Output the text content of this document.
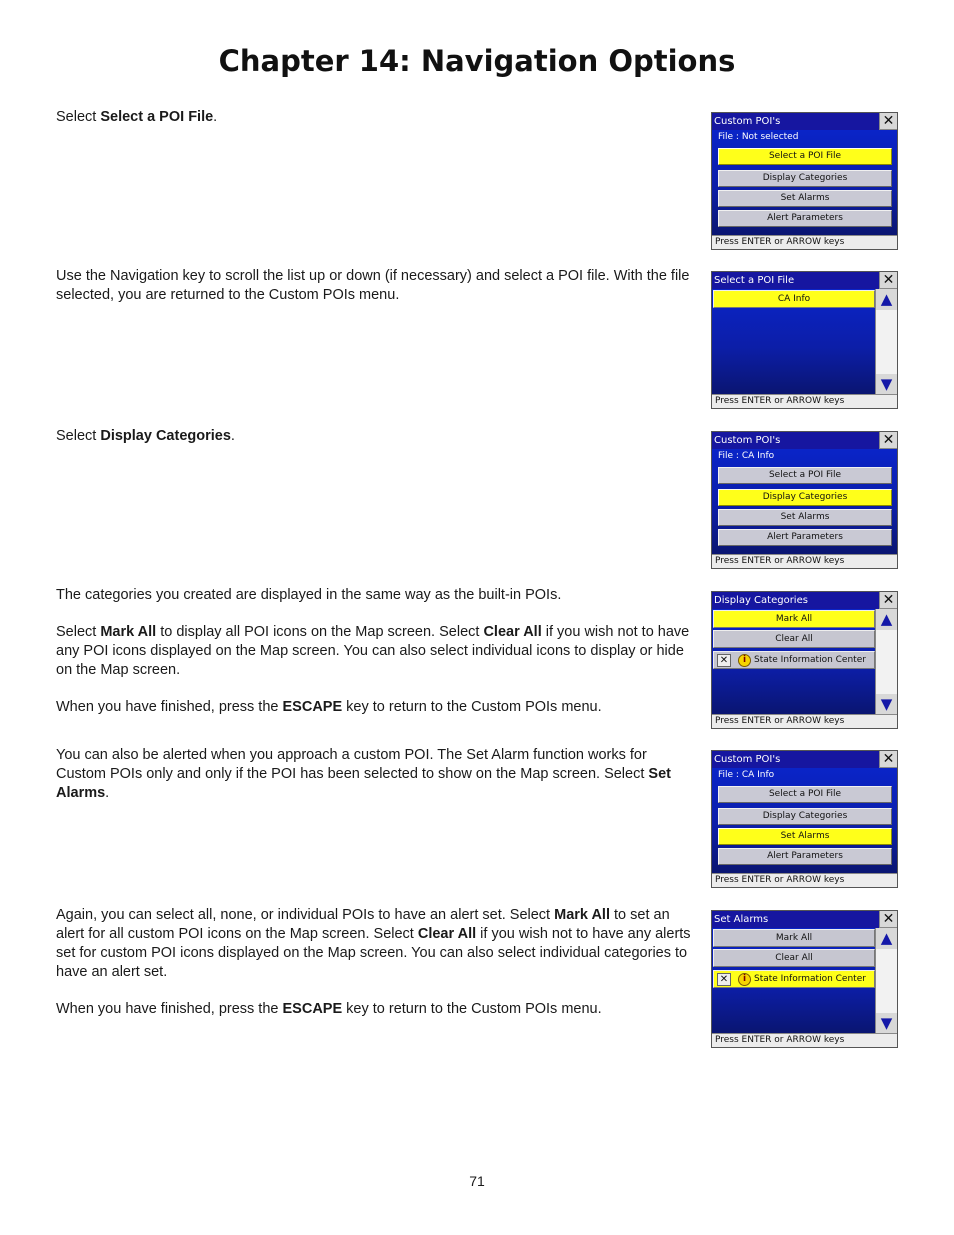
Chapter 14: Navigation Options

Select Select a POI File.	Custom POI's	✕
File : Not selected
Select a POI File
Display Categories
Set Alarms
Alert Parameters
Press ENTER or ARROW keys

Use the Navigation key to scroll the list up or down (if necessary) and select a POI file. With the file selected, you are returned to the Custom POIs menu.

Select a POI File	✕
CA Info	▲
▼
Press ENTER or ARROW keys

Select Display Categories.	Custom POI's	✕
File : CA Info
Select a POI File
Display Categories
Set Alarms
Alert Parameters
Press ENTER or ARROW keys

The categories you created are displayed in the same way as the built-in POIs.

Select Mark All to display all POI icons on the Map screen. Select Clear All if you wish not to have any POI icons displayed on the Map screen. You can also select individual icons to display or hide on the Map screen.

When you have finished, press the ESCAPE key to return to the Custom POIs menu.

Display Categories	✕
Mark All
Clear All
✕	i State Information Center
▲
▼
Press ENTER or ARROW keys

You can also be alerted when you approach a custom POI. The Set Alarm function works for Custom POIs only and only if the POI has been selected to show on the Map screen. Select Set Alarms.

Custom POI's	✕
File : CA Info
Select a POI File
Display Categories
Set Alarms
Alert Parameters
Press ENTER or ARROW keys

Again, you can select all, none, or individual POIs to have an alert set. Select Mark All to set an alert for all custom POI icons on the Map screen. Select Clear All if you wish not to have any alerts set for custom POI icons displayed on the Map screen. You can also select individual categories to have an alert set.

When you have finished, press the ESCAPE key to return to the Custom POIs menu.

Set Alarms	✕
Mark All
Clear All
✕	i State Information Center
▲
▼
Press ENTER or ARROW keys
71
